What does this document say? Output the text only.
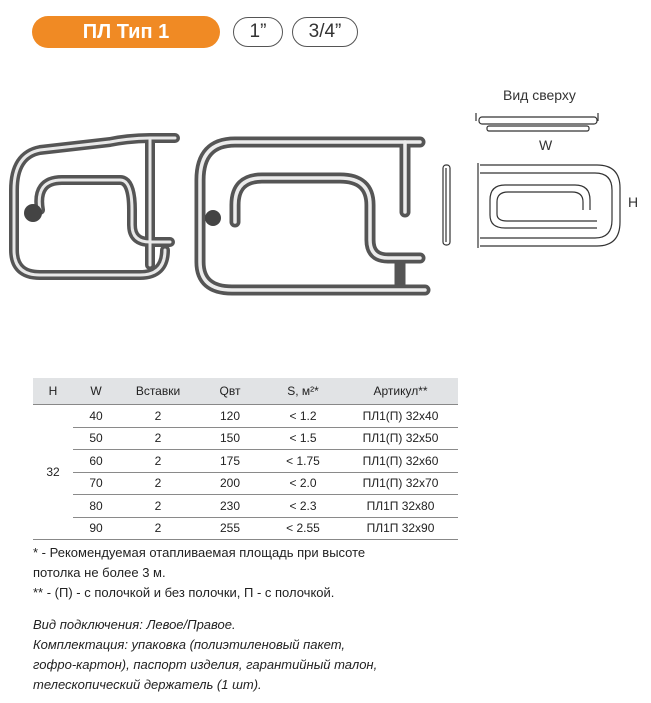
ПЛ Тип 1	1”	3/4”
Вид сверху
W
H
H	W	Вставки	Qвт	S, м²*	Артикул**
32	40	2	120	< 1.2	ПЛ1(П) 32x40
	50	2	150	< 1.5	ПЛ1(П) 32x50
	60	2	175	< 1.75	ПЛ1(П) 32x60
	70	2	200	< 2.0	ПЛ1(П) 32x70
	80	2	230	< 2.3	ПЛ1П 32x80
	90	2	255	< 2.55	ПЛ1П 32x90

* - Рекомендуемая отапливаемая площадь при высоте

потолка не более 3 м.

** - (П) - с полочкой и без полочки, П - с полочкой.

Вид подключения: Левое/Правое.

Комплектация: упаковка (полиэтиленовый пакет,

гофро-картон), паспорт изделия, гарантийный талон,

телескопический держатель (1 шт).
